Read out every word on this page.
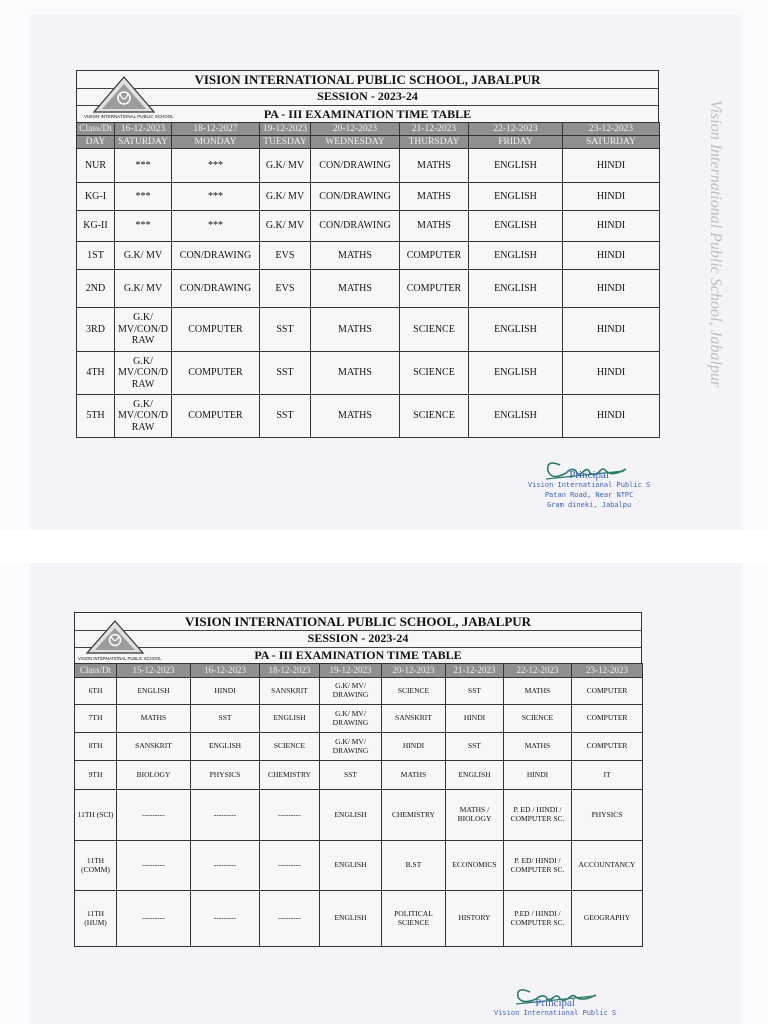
Vision International Public School, Jabalpur
VISION INTERNATIONAL PUBLIC SCHOOL, JABALPUR
SESSION - 2023-24
PA - III EXAMINATION TIME TABLE
VISION INTERNATIONAL PUBLIC SCHOOL
Class/Dt	16-12-2023	18-12-2027	19-12-2023	20-12-2023	21-12-2023	22-12-2023	23-12-2023
DAY	SATURDAY	MONDAY	TUESDAY	WEDNESDAY	THURSDAY	FRIDAY	SATURDAY
NUR	***	***	G.K/ MV	CON/DRAWING	MATHS	ENGLISH	HINDI
KG-I	***	***	G.K/ MV	CON/DRAWING	MATHS	ENGLISH	HINDI
KG-II	***	***	G.K/ MV	CON/DRAWING	MATHS	ENGLISH	HINDI
1ST	G.K/ MV	CON/DRAWING	EVS	MATHS	COMPUTER	ENGLISH	HINDI
2ND	G.K/ MV	CON/DRAWING	EVS	MATHS	COMPUTER	ENGLISH	HINDI
3RD	G.K/ MV/CON/D RAW	COMPUTER	SST	MATHS	SCIENCE	ENGLISH	HINDI
4TH	G.K/ MV/CON/D RAW	COMPUTER	SST	MATHS	SCIENCE	ENGLISH	HINDI
5TH	G.K/ MV/CON/D RAW	COMPUTER	SST	MATHS	SCIENCE	ENGLISH	HINDI
Principal
Vision International Public S
Patan Road, Near NTPC
Gram dineki, Jabalpu
VISION INTERNATIONAL PUBLIC SCHOOL, JABALPUR
SESSION - 2023-24
PA - III EXAMINATION TIME TABLE
VISION INTERNATIONAL PUBLIC SCHOOL
Class/Dt	15-12-2023	16-12-2023	18-12-2023	19-12-2023	20-12-2023	21-12-2023	22-12-2023	23-12-2023
6TH	ENGLISH	HINDI	SANSKRIT	G.K/ MV/ DRAWING	SCIENCE	SST	MATHS	COMPUTER
7TH	MATHS	SST	ENGLISH	G.K/ MV/ DRAWING	SANSKRIT	HINDI	SCIENCE	COMPUTER
8TH	SANSKRIT	ENGLISH	SCIENCE	G.K/ MV/ DRAWING	HINDI	SST	MATHS	COMPUTER
9TH	BIOLOGY	PHYSICS	CHEMISTRY	SST	MATHS	ENGLISH	HINDI	IT
11TH (SCI)	---------	---------	---------	ENGLISH	CHEMISTRY	MATHS / BIOLOGY	P. ED / HINDI / COMPUTER SC.	PHYSICS
11TH (COMM)	---------	---------	---------	ENGLISH	B.ST	ECONOMICS	P. ED/ HINDI / COMPUTER SC.	ACCOUNTANCY
11TH (HUM)	---------	---------	---------	ENGLISH	POLITICAL SCIENCE	HISTORY	P.ED / HINDI / COMPUTER SC.	GEOGRAPHY
Principal
Vision International Public S
